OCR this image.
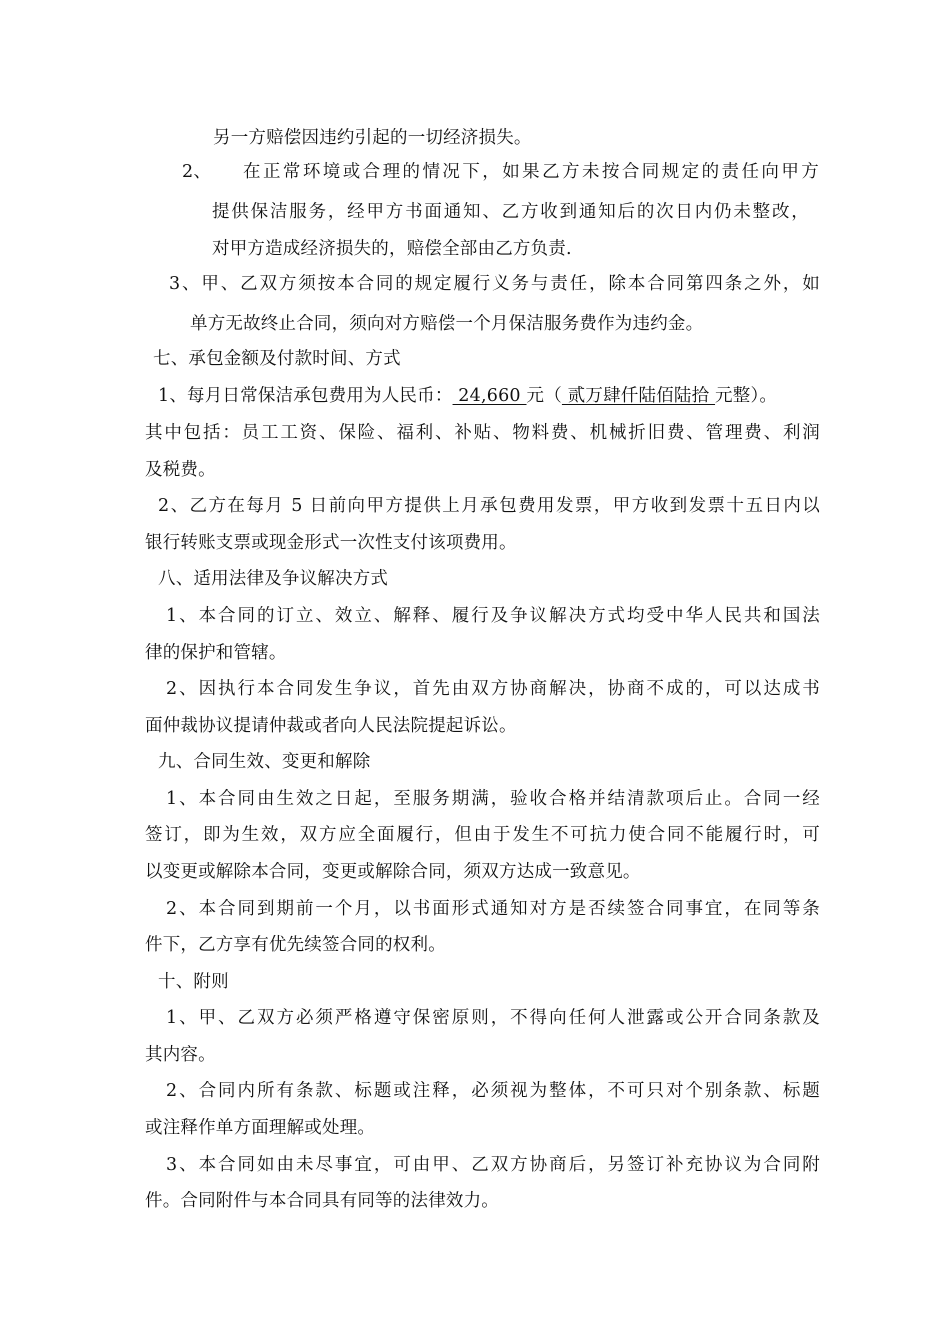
另一方赔偿因违约引起的一切经济损失。
2、 在正常环境或合理的情况下，如果乙方未按合同规定的责任向甲方
提供保洁服务，经甲方书面通知、乙方收到通知后的次日内仍未整改，
对甲方造成经济损失的，赔偿全部由乙方负责.
3、甲、乙双方须按本合同的规定履行义务与责任，除本合同第四条之外，如
单方无故终止合同，须向对方赔偿一个月保洁服务费作为违约金。
七、承包金额及付款时间、方式
1、每月日常保洁承包费用为人民币： 24,660 元（ 贰万肆仟陆佰陆拾 元整）。
其中包括：员工工资、保险、福利、补贴、物料费、机械折旧费、管理费、利润
及税费。
2、乙方在每月 5 日前向甲方提供上月承包费用发票，甲方收到发票十五日内以
银行转账支票或现金形式一次性支付该项费用。
八、适用法律及争议解决方式
1、本合同的订立、效立、解释、履行及争议解决方式均受中华人民共和国法
律的保护和管辖。
2、因执行本合同发生争议，首先由双方协商解决，协商不成的，可以达成书
面仲裁协议提请仲裁或者向人民法院提起诉讼。
九、合同生效、变更和解除
1、本合同由生效之日起，至服务期满，验收合格并结清款项后止。合同一经
签订，即为生效，双方应全面履行，但由于发生不可抗力使合同不能履行时，可
以变更或解除本合同，变更或解除合同，须双方达成一致意见。
2、本合同到期前一个月，以书面形式通知对方是否续签合同事宜，在同等条
件下，乙方享有优先续签合同的权利。
十、附则
1、甲、乙双方必须严格遵守保密原则，不得向任何人泄露或公开合同条款及
其内容。
2、合同内所有条款、标题或注释，必须视为整体，不可只对个别条款、标题
或注释作单方面理解或处理。
3、本合同如由未尽事宜，可由甲、乙双方协商后，另签订补充协议为合同附
件。合同附件与本合同具有同等的法律效力。
